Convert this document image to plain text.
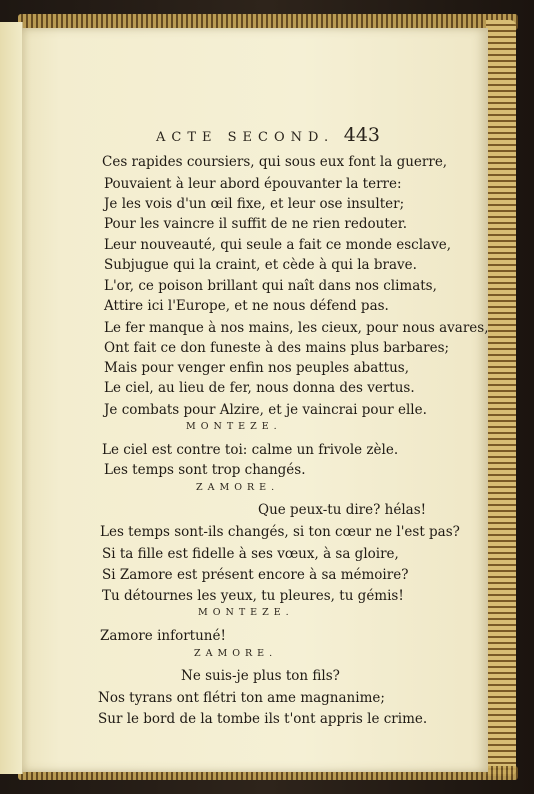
ACTE SECOND. 443
Ces rapides coursiers, qui sous eux font la guerre,
Pouvaient à leur abord épouvanter la terre:
Je les vois d'un œil fixe, et leur ose insulter;
Pour les vaincre il suffit de ne rien redouter.
Leur nouveauté, qui seule a fait ce monde esclave,
Subjugue qui la craint, et cède à qui la brave.
L'or, ce poison brillant qui naît dans nos climats,
Attire ici l'Europe, et ne nous défend pas.
Le fer manque à nos mains, les cieux, pour nous avares,
Ont fait ce don funeste à des mains plus barbares;
Mais pour venger enfin nos peuples abattus,
Le ciel, au lieu de fer, nous donna des vertus.
Je combats pour Alzire, et je vaincrai pour elle.
MONTEZE.
Le ciel est contre toi: calme un frivole zèle.
Les temps sont trop changés.
ZAMORE.
Que peux-tu dire? hélas!
Les temps sont-ils changés, si ton cœur ne l'est pas?
Si ta fille est fidelle à ses vœux, à sa gloire,
Si Zamore est présent encore à sa mémoire?
Tu détournes les yeux, tu pleures, tu gémis!
MONTEZE.
Zamore infortuné!
ZAMORE.
Ne suis-je plus ton fils?
Nos tyrans ont flétri ton ame magnanime;
Sur le bord de la tombe ils t'ont appris le crime.
